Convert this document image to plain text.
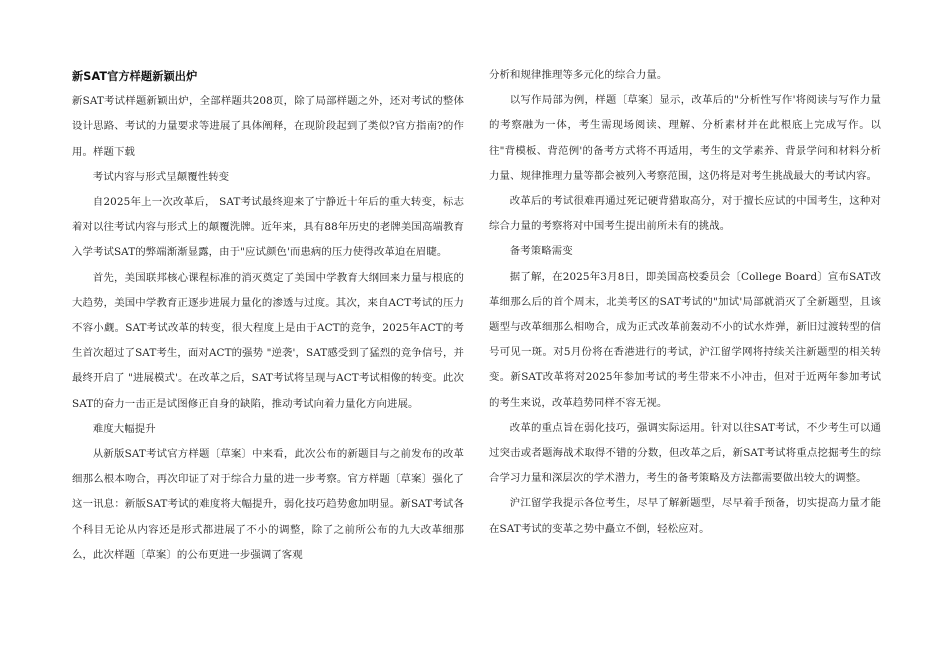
新SAT官方样题新颖出炉

新SAT考试样题新颖出炉，全部样题共208页，除了局部样题之外，还对考试的整体设计思路、考试的力量要求等进展了具体阐释，在现阶段起到了类似?官方指南?的作用。样题下载

考试内容与形式呈颠覆性转变

自2025年上一次改革后， SAT考试最终迎来了宁静近十年后的重大转变，标志着对以往考试内容与形式上的颠覆洗牌。近年来，具有88年历史的老牌美国高端教育入学考试SAT的弊端渐渐显露，由于"应试颜色'而患病的压力使得改革迫在眉睫。

首先，美国联邦核心课程标准的消灭奠定了美国中学教育大纲回来力量与根底的大趋势，美国中学教育正逐步进展力量化的渗透与过度。其次，来自ACT考试的压力不容小觑。SAT考试改革的转变，很大程度上是由于ACT的竞争，2025年ACT的考生首次超过了SAT考生，面对ACT的强势 "逆袭'，SAT感受到了猛烈的竞争信号，并最终开启了 "进展模式'。在改革之后，SAT考试将呈现与ACT考试相像的转变。此次SAT的奋力一击正是试图修正自身的缺陷，推动考试向着力量化方向进展。

难度大幅提升

从新版SAT考试官方样题〔草案〕中来看，此次公布的新题目与之前发布的改革细那么根本吻合，再次印证了对于综合力量的进一步考察。官方样题〔草案〕强化了这一讯息：新版SAT考试的难度将大幅提升，弱化技巧趋势愈加明显。新SAT考试各个科目无论从内容还是形式都进展了不小的调整，除了之前所公布的九大改革细那么，此次样题〔草案〕的公布更进一步强调了客观

分析和规律推理等多元化的综合力量。

以写作局部为例，样题〔草案〕显示，改革后的"分析性写作'将阅读与写作力量的考察融为一体，考生需现场阅读、理解、分析素材并在此根底上完成写作。以往"背模板、背范例'的备考方式将不再适用，考生的文学素养、背景学问和材料分析力量、规律推理力量等都会被列入考察范围，这仍将是对考生挑战最大的考试内容。

改革后的考试很难再通过死记硬背猎取高分，对于擅长应试的中国考生，这种对综合力量的考察将对中国考生提出前所未有的挑战。

备考策略需变

据了解，在2025年3月8日，即美国高校委员会〔College Board〕宣布SAT改革细那么后的首个周末，北美考区的SAT考试的"加试'局部就消灭了全新题型，且该题型与改革细那么相吻合，成为正式改革前轰动不小的试水炸弹，新旧过渡转型的信号可见一斑。对5月份将在香港进行的考试，沪江留学网将持续关注新题型的相关转变。新SAT改革将对2025年参加考试的考生带来不小冲击，但对于近两年参加考试的考生来说，改革趋势同样不容无视。

改革的重点旨在弱化技巧，强调实际运用。针对以往SAT考试，不少考生可以通过突击或者题海战术取得不错的分数，但改革之后，新SAT考试将重点挖掘考生的综合学习力量和深层次的学术潜力，考生的备考策略及方法都需要做出较大的调整。

沪江留学我提示各位考生，尽早了解新题型，尽早着手预备，切实提高力量才能在SAT考试的变革之势中矗立不倒，轻松应对。
